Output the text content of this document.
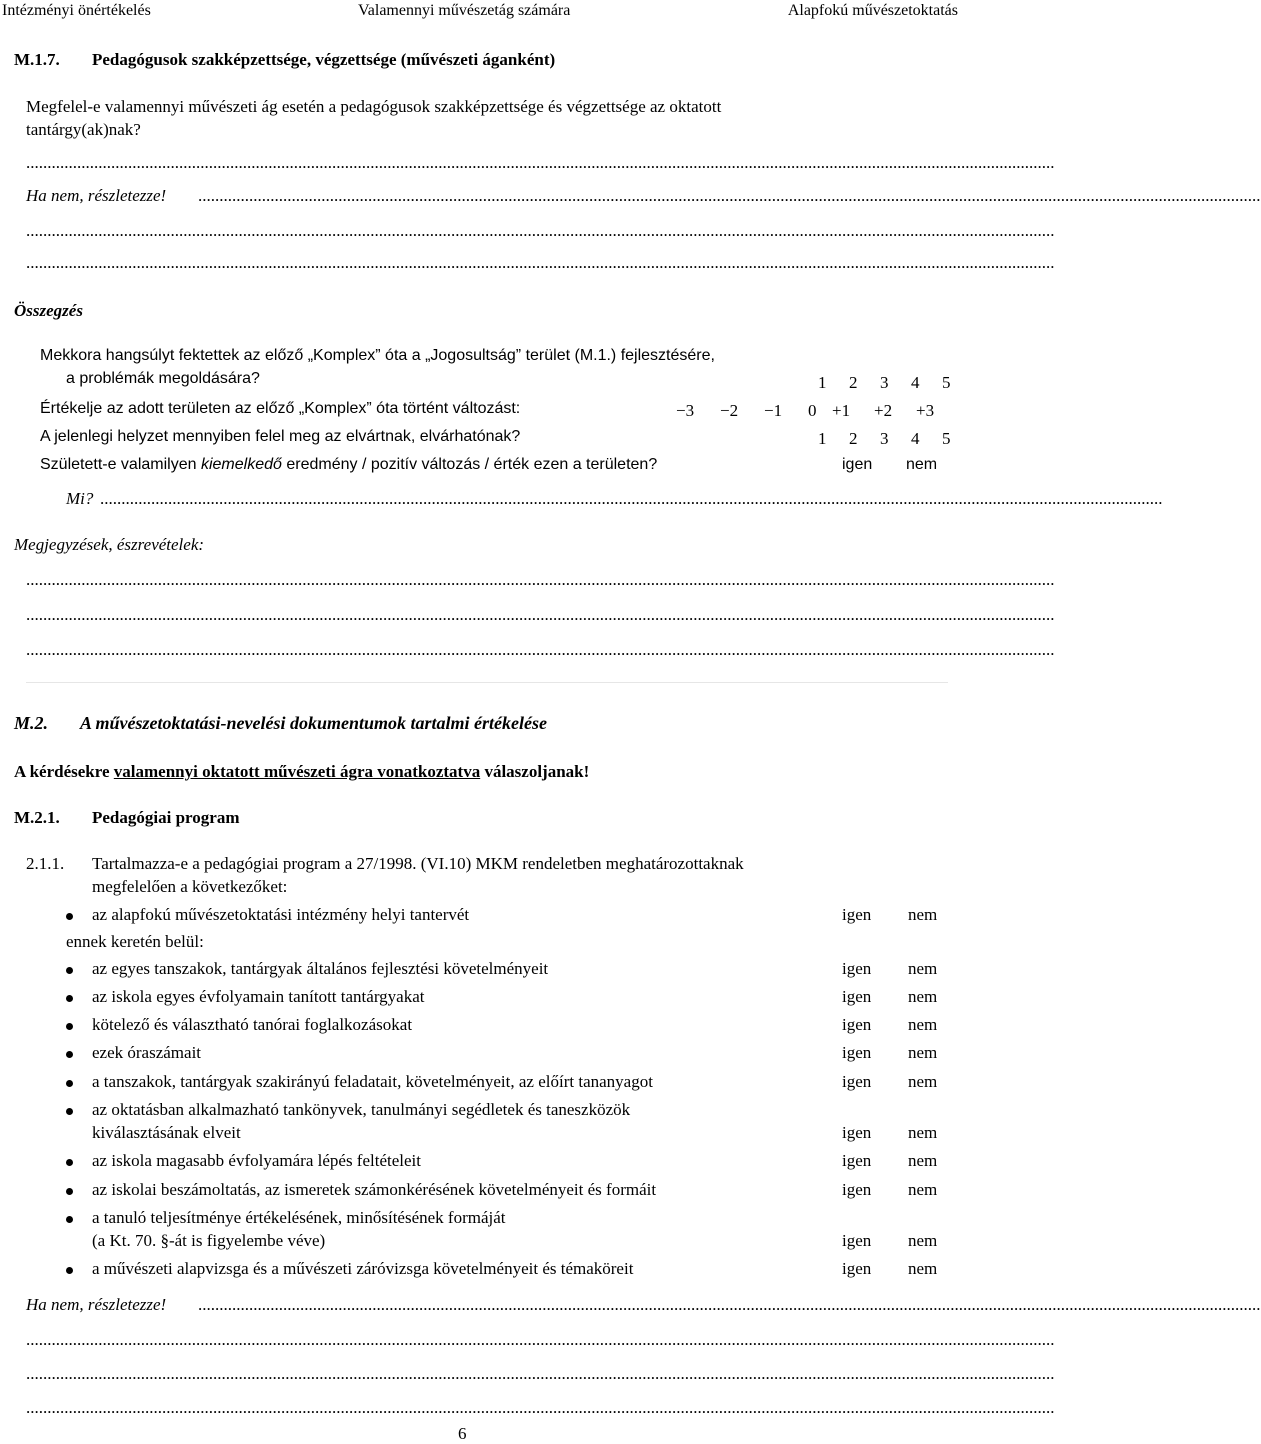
Intézményi önértékelés	Valamennyi művészetág számára	Alapfokú művészetoktatás
M.1.7. Pedagógusok szakképzettsége, végzettsége (művészeti áganként)
Megfelel-e valamennyi művészeti ág esetén a pedagógusok szakképzettsége és végzettsége az oktatott
tantárgy(ak)nak?
..................................................................................................................................................................................................................................................
Ha nem, részletezze! ..........................................................................................................................................................................................................................................................
..................................................................................................................................................................................................................................................
..................................................................................................................................................................................................................................................
Összegzés
Mekkora hangsúlyt fektettek az előző „Komplex” óta a „Jogosultság” terület (M.1.) fejlesztésére,
a problémák megoldására?	1 2 3 4 5
Értékelje az adott területen az előző „Komplex” óta történt változást:	−3 −2 −1 0 +1 +2 +3
A jelenlegi helyzet mennyiben felel meg az elvártnak, elvárhatónak?	1 2 3 4 5
Született-e valamilyen kiemelkedő eredmény / pozitív változás / érték ezen a területen?	igen nem
Mi? ..........................................................................................................................................................................................................................................................
Megjegyzések, észrevételek:
..................................................................................................................................................................................................................................................
..................................................................................................................................................................................................................................................
..................................................................................................................................................................................................................................................
M.2. A művészetoktatási-nevelési dokumentumok tartalmi értékelése
A kérdésekre valamennyi oktatott művészeti ágra vonatkoztatva válaszoljanak!
M.2.1. Pedagógiai program
2.1.1. Tartalmazza-e a pedagógiai program a 27/1998. (VI.10) MKM rendeletben meghatározottaknak
megfelelően a következőket:
az alapfokú művészetoktatási intézmény helyi tantervét	igen nem
ennek keretén belül:
az egyes tanszakok, tantárgyak általános fejlesztési követelményeit	igen nem
az iskola egyes évfolyamain tanított tantárgyakat	igen nem
kötelező és választható tanórai foglalkozásokat	igen nem
ezek óraszámait	igen nem
a tanszakok, tantárgyak szakirányú feladatait, követelményeit, az előírt tananyagot	igen nem
az oktatásban alkalmazható tankönyvek, tanulmányi segédletek és taneszközök
kiválasztásának elveit	igen nem
az iskola magasabb évfolyamára lépés feltételeit	igen nem
az iskolai beszámoltatás, az ismeretek számonkérésének követelményeit és formáit	igen nem
a tanuló teljesítménye értékelésének, minősítésének formáját
(a Kt. 70. §-át is figyelembe véve)	igen nem
a művészeti alapvizsga és a művészeti záróvizsga követelményeit és témaköreit	igen nem
Ha nem, részletezze! ..........................................................................................................................................................................................................................................................
..................................................................................................................................................................................................................................................
..................................................................................................................................................................................................................................................
..................................................................................................................................................................................................................................................
6
